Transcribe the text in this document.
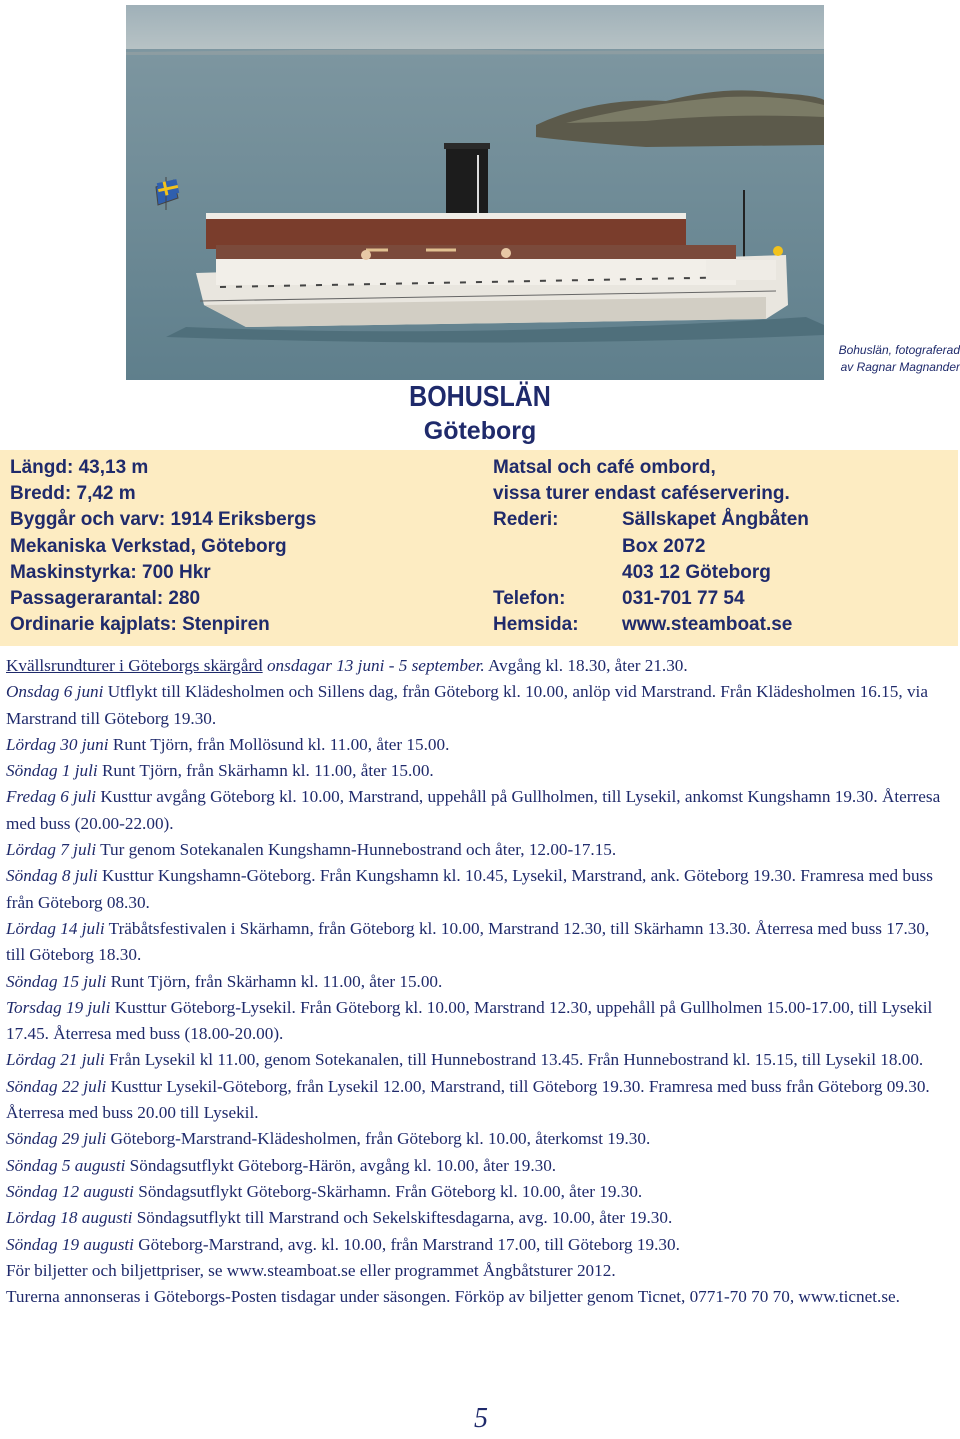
Bohuslän, fotograferad
av Ragnar Magnander
BOHUSLÄN
Göteborg
Längd: 43,13 m
Bredd: 7,42 m
Byggår och varv: 1914 Eriksbergs
Mekaniska Verkstad, Göteborg
Maskinstyrka: 700 Hkr
Passagerarantal: 280
Ordinarie kajplats: Stenpiren
Matsal och café ombord,
vissa turer endast caféservering.
Rederi:	Sällskapet Ångbåten
Box 2072
403 12 Göteborg
Telefon:	031-701 77 54
Hemsida: www.steamboat.se

Kvällsrundturer i Göteborgs skärgård onsdagar 13 juni - 5 september. Avgång kl. 18.30, åter 21.30.

Onsdag 6 juni Utflykt till Klädesholmen och Sillens dag, från Göteborg kl. 10.00, anlöp vid Marstrand. Från Klädesholmen 16.15, via Marstrand till Göteborg 19.30.

Lördag 30 juni Runt Tjörn, från Mollösund kl. 11.00, åter 15.00.

Söndag 1 juli Runt Tjörn, från Skärhamn kl. 11.00, åter 15.00.

Fredag 6 juli Kusttur avgång Göteborg kl. 10.00, Marstrand, uppehåll på Gullholmen, till Lysekil, ankomst Kungshamn 19.30. Återresa med buss (20.00-22.00).

Lördag 7 juli Tur genom Sotekanalen Kungshamn-Hunnebostrand och åter, 12.00-17.15.

Söndag 8 juli Kusttur Kungshamn-Göteborg. Från Kungshamn kl. 10.45, Lysekil, Marstrand, ank. Göteborg 19.30. Framresa med buss från Göteborg 08.30.

Lördag 14 juli Träbåtsfestivalen i Skärhamn, från Göteborg kl. 10.00, Marstrand 12.30, till Skärhamn 13.30. Återresa med buss 17.30, till Göteborg 18.30.

Söndag 15 juli Runt Tjörn, från Skärhamn kl. 11.00, åter 15.00.

Torsdag 19 juli Kusttur Göteborg-Lysekil. Från Göteborg kl. 10.00, Marstrand 12.30, uppehåll på Gullholmen 15.00-17.00, till Lysekil 17.45. Återresa med buss (18.00-20.00).

Lördag 21 juli Från Lysekil kl 11.00, genom Sotekanalen, till Hunnebostrand 13.45. Från Hunnebostrand kl. 15.15, till Lysekil 18.00.

Söndag 22 juli Kusttur Lysekil-Göteborg, från Lysekil 12.00, Marstrand, till Göteborg 19.30. Framresa med buss från Göteborg 09.30. Återresa med buss 20.00 till Lysekil.

Söndag 29 juli Göteborg-Marstrand-Klädesholmen, från Göteborg kl. 10.00, återkomst 19.30.

Söndag 5 augusti Söndagsutflykt Göteborg-Härön, avgång kl. 10.00, åter 19.30.

Söndag 12 augusti Söndagsutflykt Göteborg-Skärhamn. Från Göteborg kl. 10.00, åter 19.30.

Lördag 18 augusti Söndagsutflykt till Marstrand och Sekelskiftesdagarna, avg. 10.00, åter 19.30.

Söndag 19 augusti Göteborg-Marstrand, avg. kl. 10.00, från Marstrand 17.00, till Göteborg 19.30.

För biljetter och biljettpriser, se www.steamboat.se eller programmet Ångbåtsturer 2012.

Turerna annonseras i Göteborgs-Posten tisdagar under säsongen. Förköp av biljetter genom Ticnet, 0771-70 70 70, www.ticnet.se.

5
